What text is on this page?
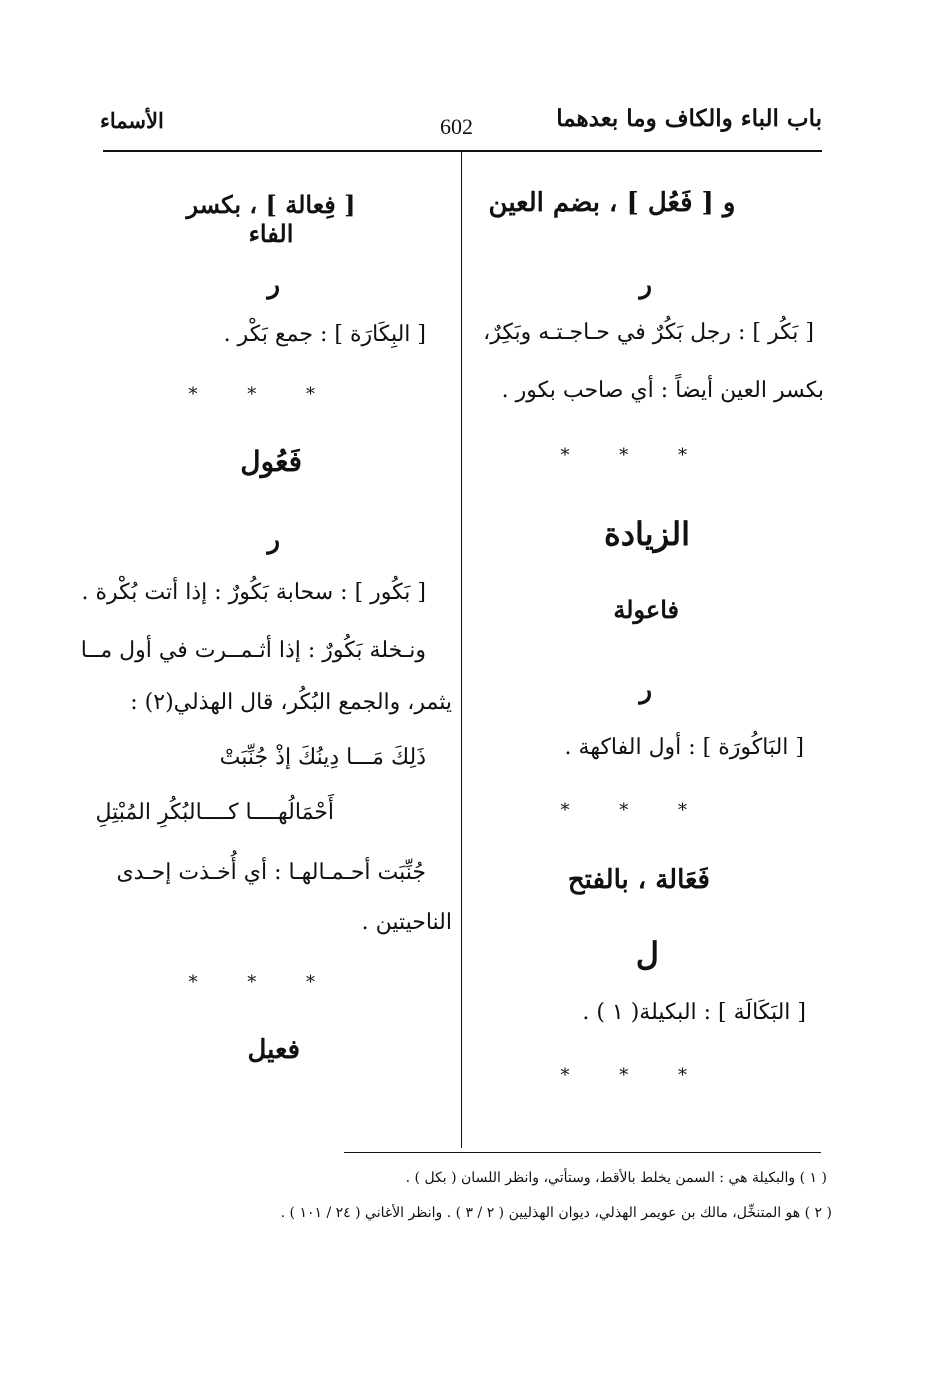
باب الباء والكاف وما بعدهما
602
الأسماء
و [ فَعُل ] ، بضم العين
ر
[ بَكُر ] : رجل بَكُرٌ في حـاجـتـه وبَكِرٌ،
بكسر العين أيضاً : أي صاحب بكور .
* * *
الزيادة
فاعولة
ر
[ البَاكُورَة ] : أول الفاكهة .
* * *
فَعَالة ، بالفتح
ل
[ البَكَالَة ] : البكيلة( ١ ) .
* * *
[ فِعالة ] ، بكسر الفاء
ر
[ البِكَارَة ] : جمع بَكْر .
* * *
فَعُول
ر
[ بَكُور ] : سحابة بَكُورٌ : إذا أتت بُكْرة .
ونـخلة بَكُورٌ : إذا أثـمــرت في أول مــا
يثمر، والجمع البُكُر، قال الهذلي(٢) :
ذَلِكَ مَـــا دِينُكَ إذْ جُنِّبَتْ
أَحْمَالُهــــا كــــالبُكُرِ المُبْتِلِ
جُنِّبَت أحـمـالهـا : أي أُخـذت إحـدى
الناحيتين .
* * *
فعيل
( ١ ) والبكيلة هي : السمن يخلط بالأقط، وستأتي، وانظر اللسان ( بكل ) .
( ٢ ) هو المتنخِّل، مالك بن عويمر الهذلي، ديوان الهذليين ( ٢ / ٣ ) . وانظر الأغاني ( ٢٤ / ١٠١ ) .
